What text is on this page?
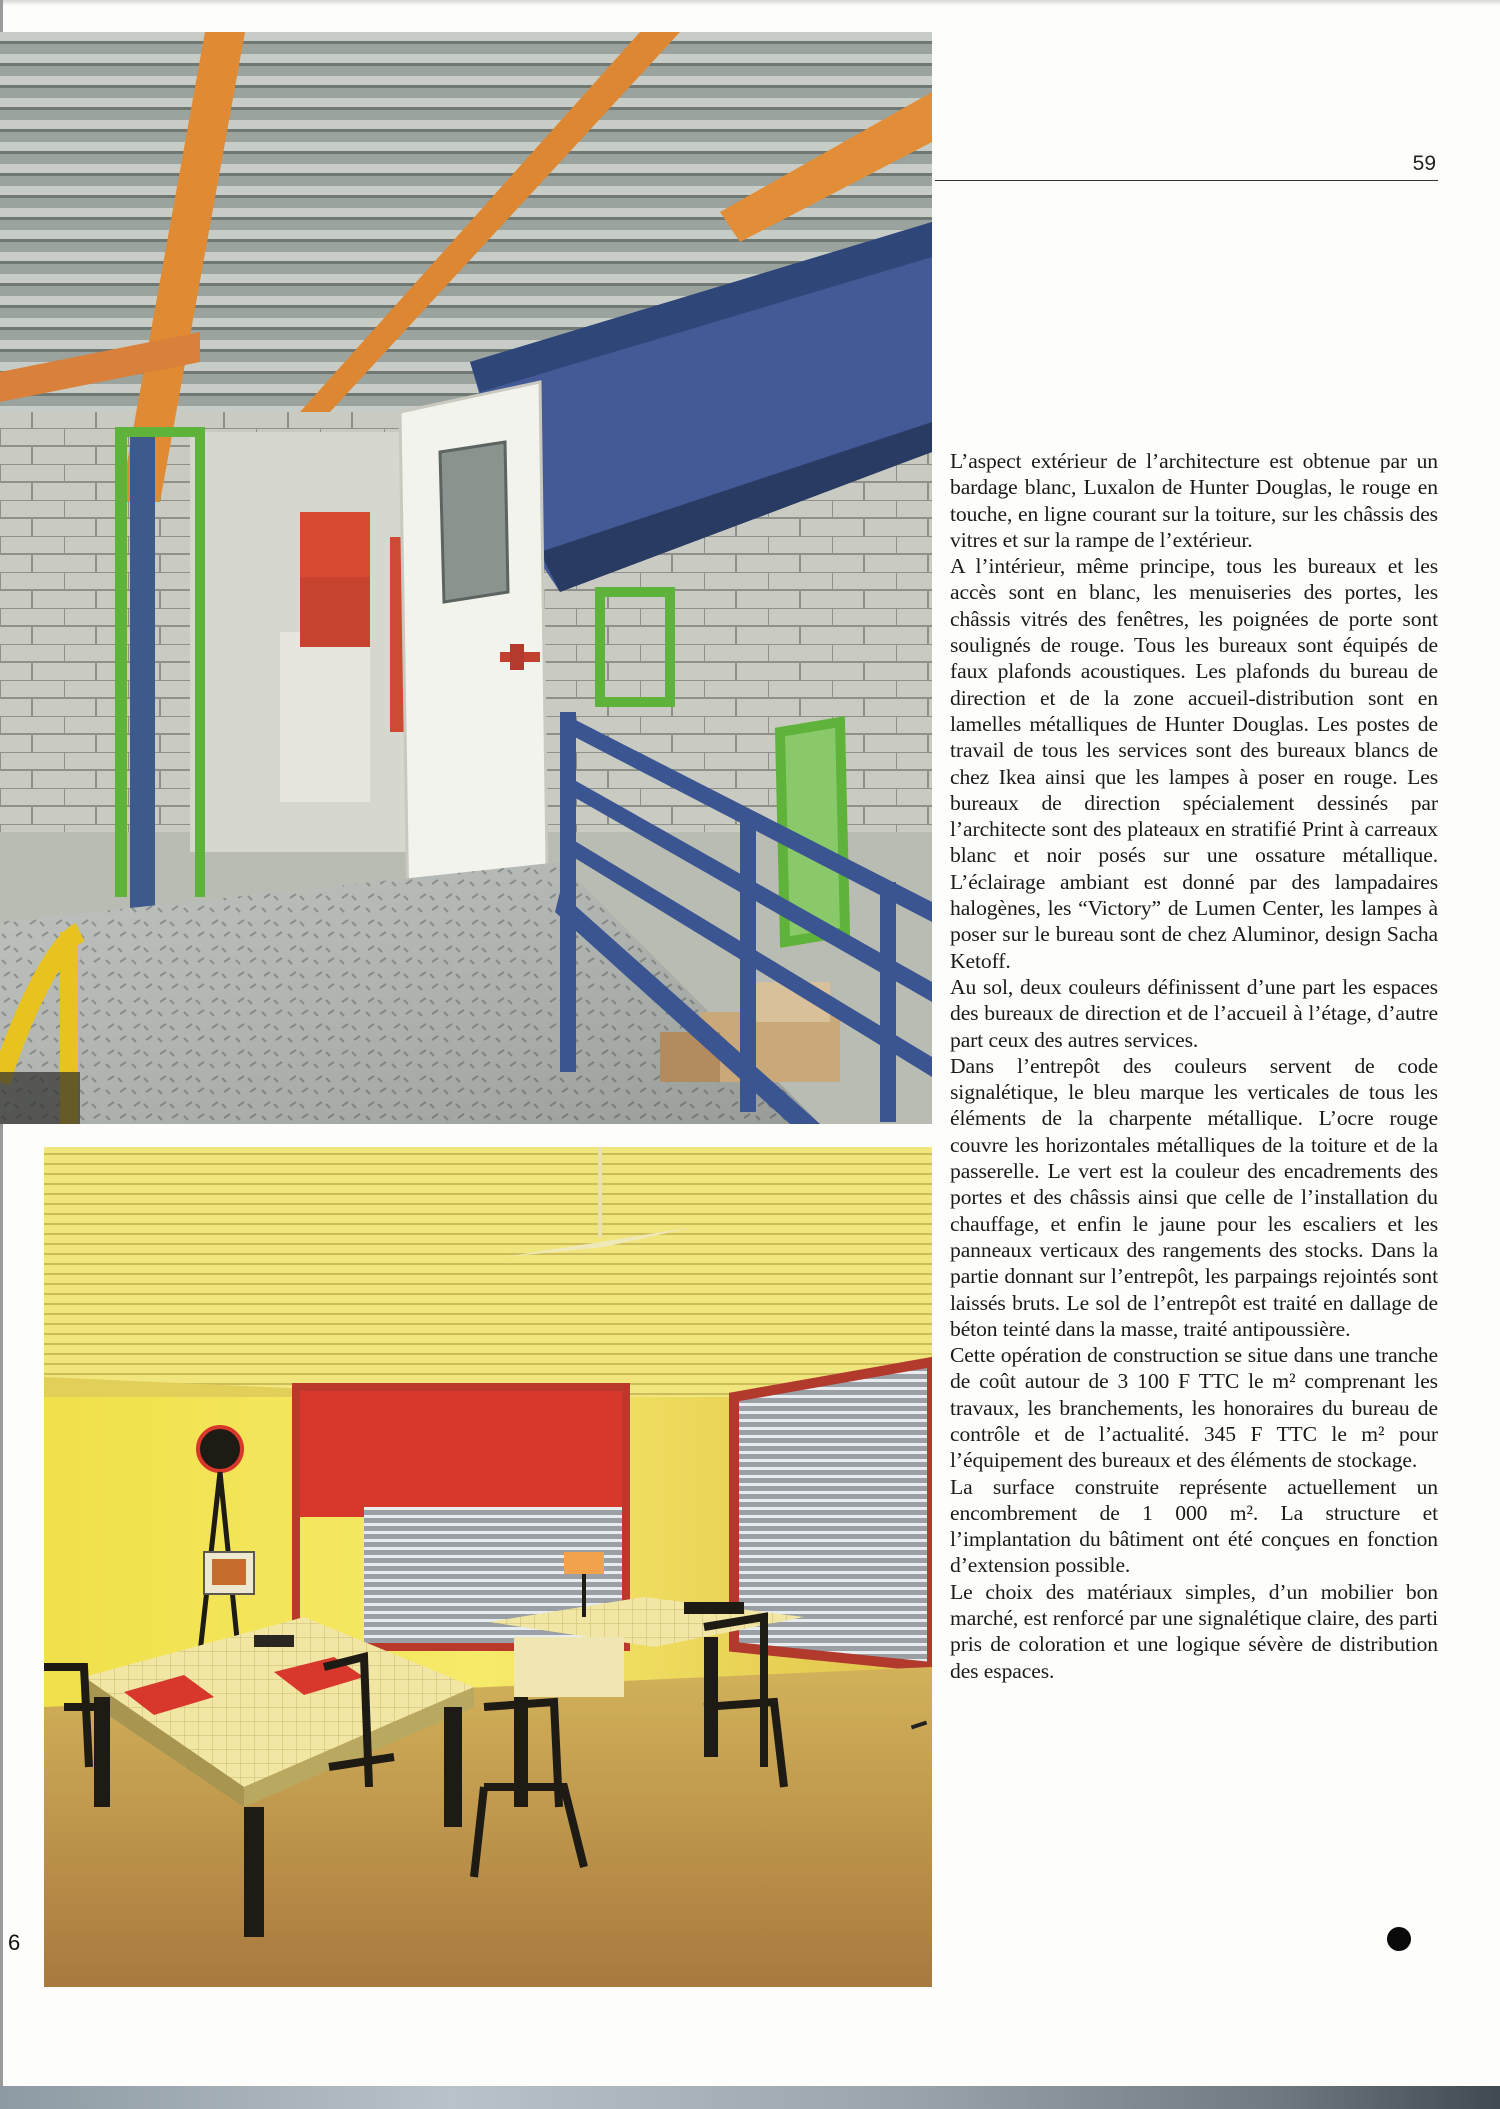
59

L’aspect extérieur de l’architecture est obtenue par un bardage blanc, Luxalon de Hunter Douglas, le rouge en touche, en ligne courant sur la toiture, sur les châssis des vitres et sur la rampe de l’extérieur.

A l’intérieur, même principe, tous les bureaux et les accès sont en blanc, les menuiseries des portes, les châssis vitrés des fenêtres, les poignées de porte sont soulignés de rouge. Tous les bureaux sont équipés de faux plafonds acoustiques. Les plafonds du bureau de direction et de la zone accueil-distribution sont en lamelles métalliques de Hunter Douglas. Les postes de travail de tous les services sont des bureaux blancs de chez Ikea ainsi que les lampes à poser en rouge. Les bureaux de direction spécialement dessinés par l’architecte sont des plateaux en stratifié Print à carreaux blanc et noir posés sur une ossature métallique. L’éclairage ambiant est donné par des lampadaires halogènes, les “Victory” de Lumen Center, les lampes à poser sur le bureau sont de chez Aluminor, design Sacha Ketoff.

Au sol, deux couleurs définissent d’une part les espaces des bureaux de direction et de l’accueil à l’étage, d’autre part ceux des autres services.

Dans l’entrepôt des couleurs servent de code signalétique, le bleu marque les verticales de tous les éléments de la charpente métallique. L’ocre rouge couvre les horizontales métalliques de la toiture et de la passerelle. Le vert est la couleur des encadrements des portes et des châssis ainsi que celle de l’installation du chauffage, et enfin le jaune pour les escaliers et les panneaux verticaux des rangements des stocks. Dans la partie donnant sur l’entrepôt, les parpaings rejointés sont laissés bruts. Le sol de l’entrepôt est traité en dallage de béton teinté dans la masse, traité antipoussière.

Cette opération de construction se situe dans une tranche de coût autour de 3 100 F TTC le m² comprenant les travaux, les branchements, les honoraires du bureau de contrôle et de l’actualité. 345 F TTC le m² pour l’équipement des bureaux et des éléments de stockage.

La surface construite représente actuellement un encombrement de 1 000 m². La structure et l’implantation du bâtiment ont été conçues en fonction d’extension possible.

Le choix des matériaux simples, d’un mobilier bon marché, est renforcé par une signalétique claire, des parti pris de coloration et une logique sévère de distribution des espaces.

6
